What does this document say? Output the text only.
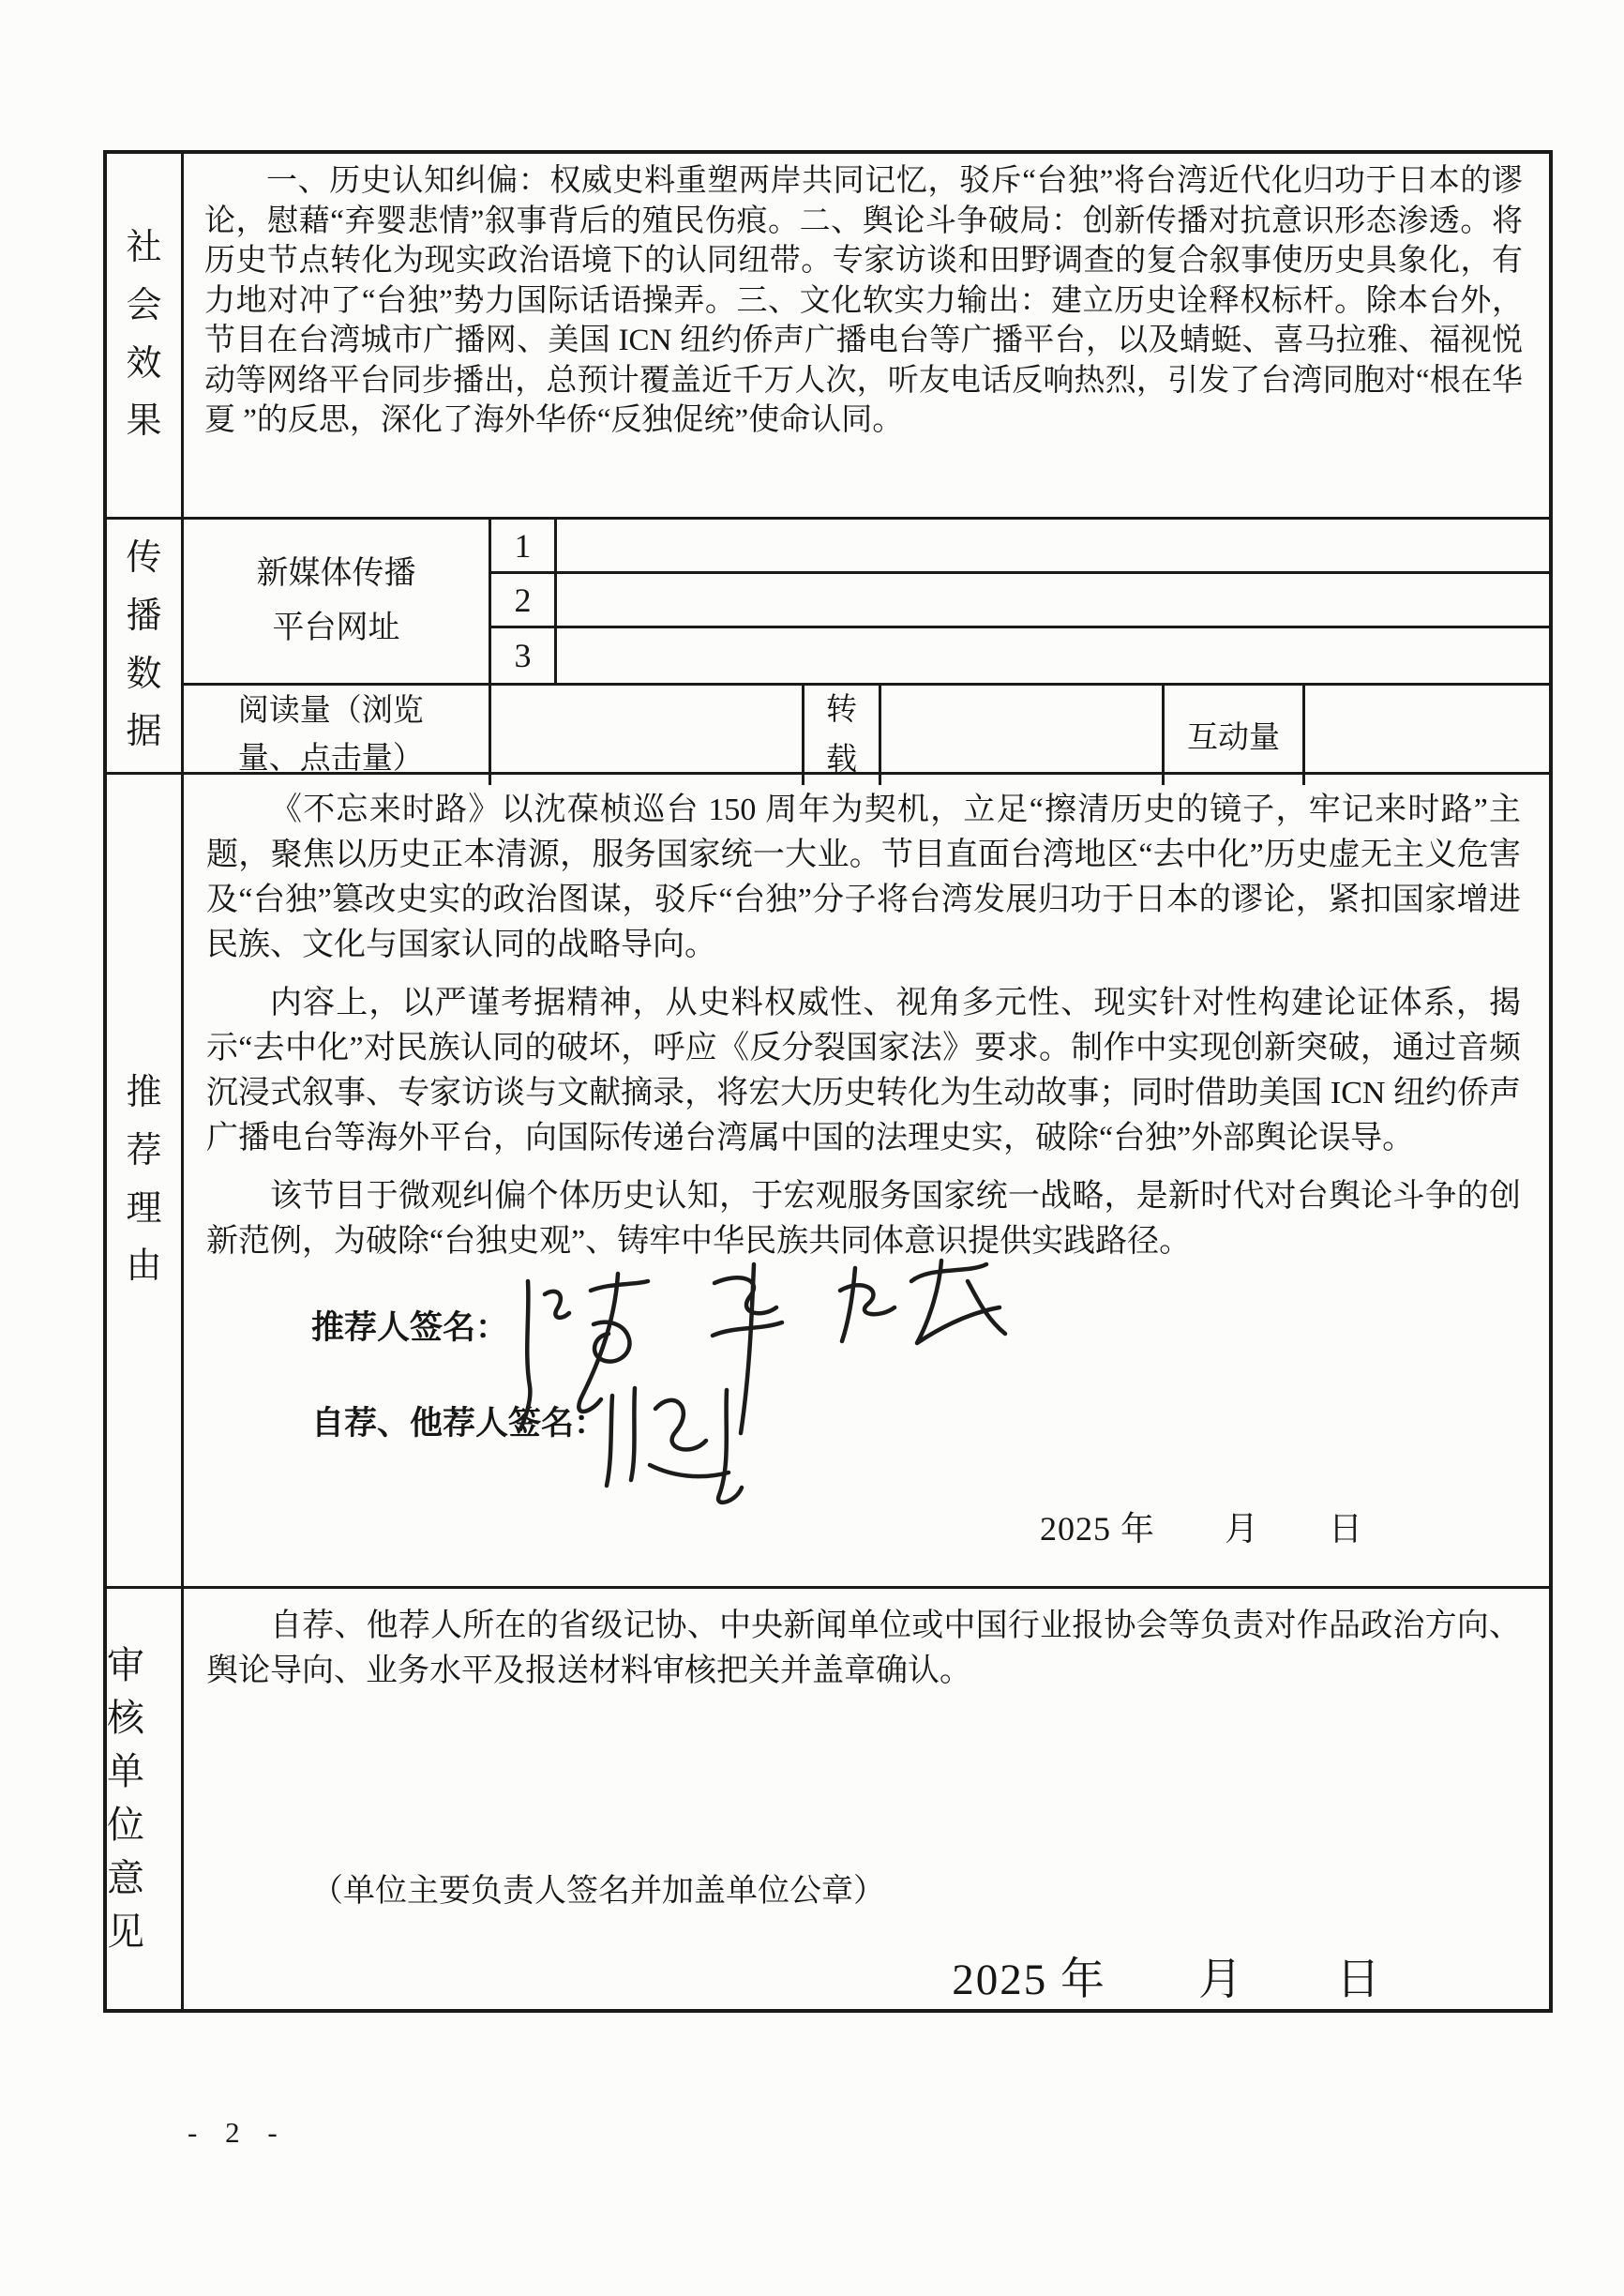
社会效果
一、历史认知纠偏：权威史料重塑两岸共同记忆，驳斥“台独”将台湾近代化归功于日本的谬论，慰藉“弃婴悲情”叙事背后的殖民伤痕。二、舆论斗争破局：创新传播对抗意识形态渗透。将历史节点转化为现实政治语境下的认同纽带。专家访谈和田野调查的复合叙事使历史具象化，有力地对冲了“台独”势力国际话语操弄。三、文化软实力输出：建立历史诠释权标杆。除本台外，节目在台湾城市广播网、美国 ICN 纽约侨声广播电台等广播平台，以及蜻蜓、喜马拉雅、福视悦动等网络平台同步播出，总预计覆盖近千万人次，听友电话反响热烈，引发了台湾同胞对“根在华夏 ”的反思，深化了海外华侨“反独促统”使命认同。
传播数据
新媒体传播平台网址
1
2
3
阅读量（浏览量、点击量）
转载
互动量
推荐理由

《不忘来时路》以沈葆桢巡台 150 周年为契机，立足“擦清历史的镜子，牢记来时路”主题，聚焦以历史正本清源，服务国家统一大业。节目直面台湾地区“去中化”历史虚无主义危害及“台独”篡改史实的政治图谋，驳斥“台独”分子将台湾发展归功于日本的谬论，紧扣国家增进民族、文化与国家认同的战略导向。

内容上，以严谨考据精神，从史料权威性、视角多元性、现实针对性构建论证体系，揭示“去中化”对民族认同的破坏，呼应《反分裂国家法》要求。制作中实现创新突破，通过音频沉浸式叙事、专家访谈与文献摘录，将宏大历史转化为生动故事；同时借助美国 ICN 纽约侨声 广播电台等海外平台，向国际传递台湾属中国的法理史实，破除“台独”外部舆论误导。

该节目于微观纠偏个体历史认知，于宏观服务国家统一战略，是新时代对台舆论斗争的创新范例，为破除“台独史观”、铸牢中华民族共同体意识提供实践路径。

推荐人签名：
自荐、他荐人签名：
2025 年　　月　　日
审核单位意见

自荐、他荐人所在的省级记协、中央新闻单位或中国行业报协会等负责对作品政治方向、舆论导向、业务水平及报送材料审核把关并盖章确认。

（单位主要负责人签名并加盖单位公章）
2025 年　　月　　日
- 2 -
